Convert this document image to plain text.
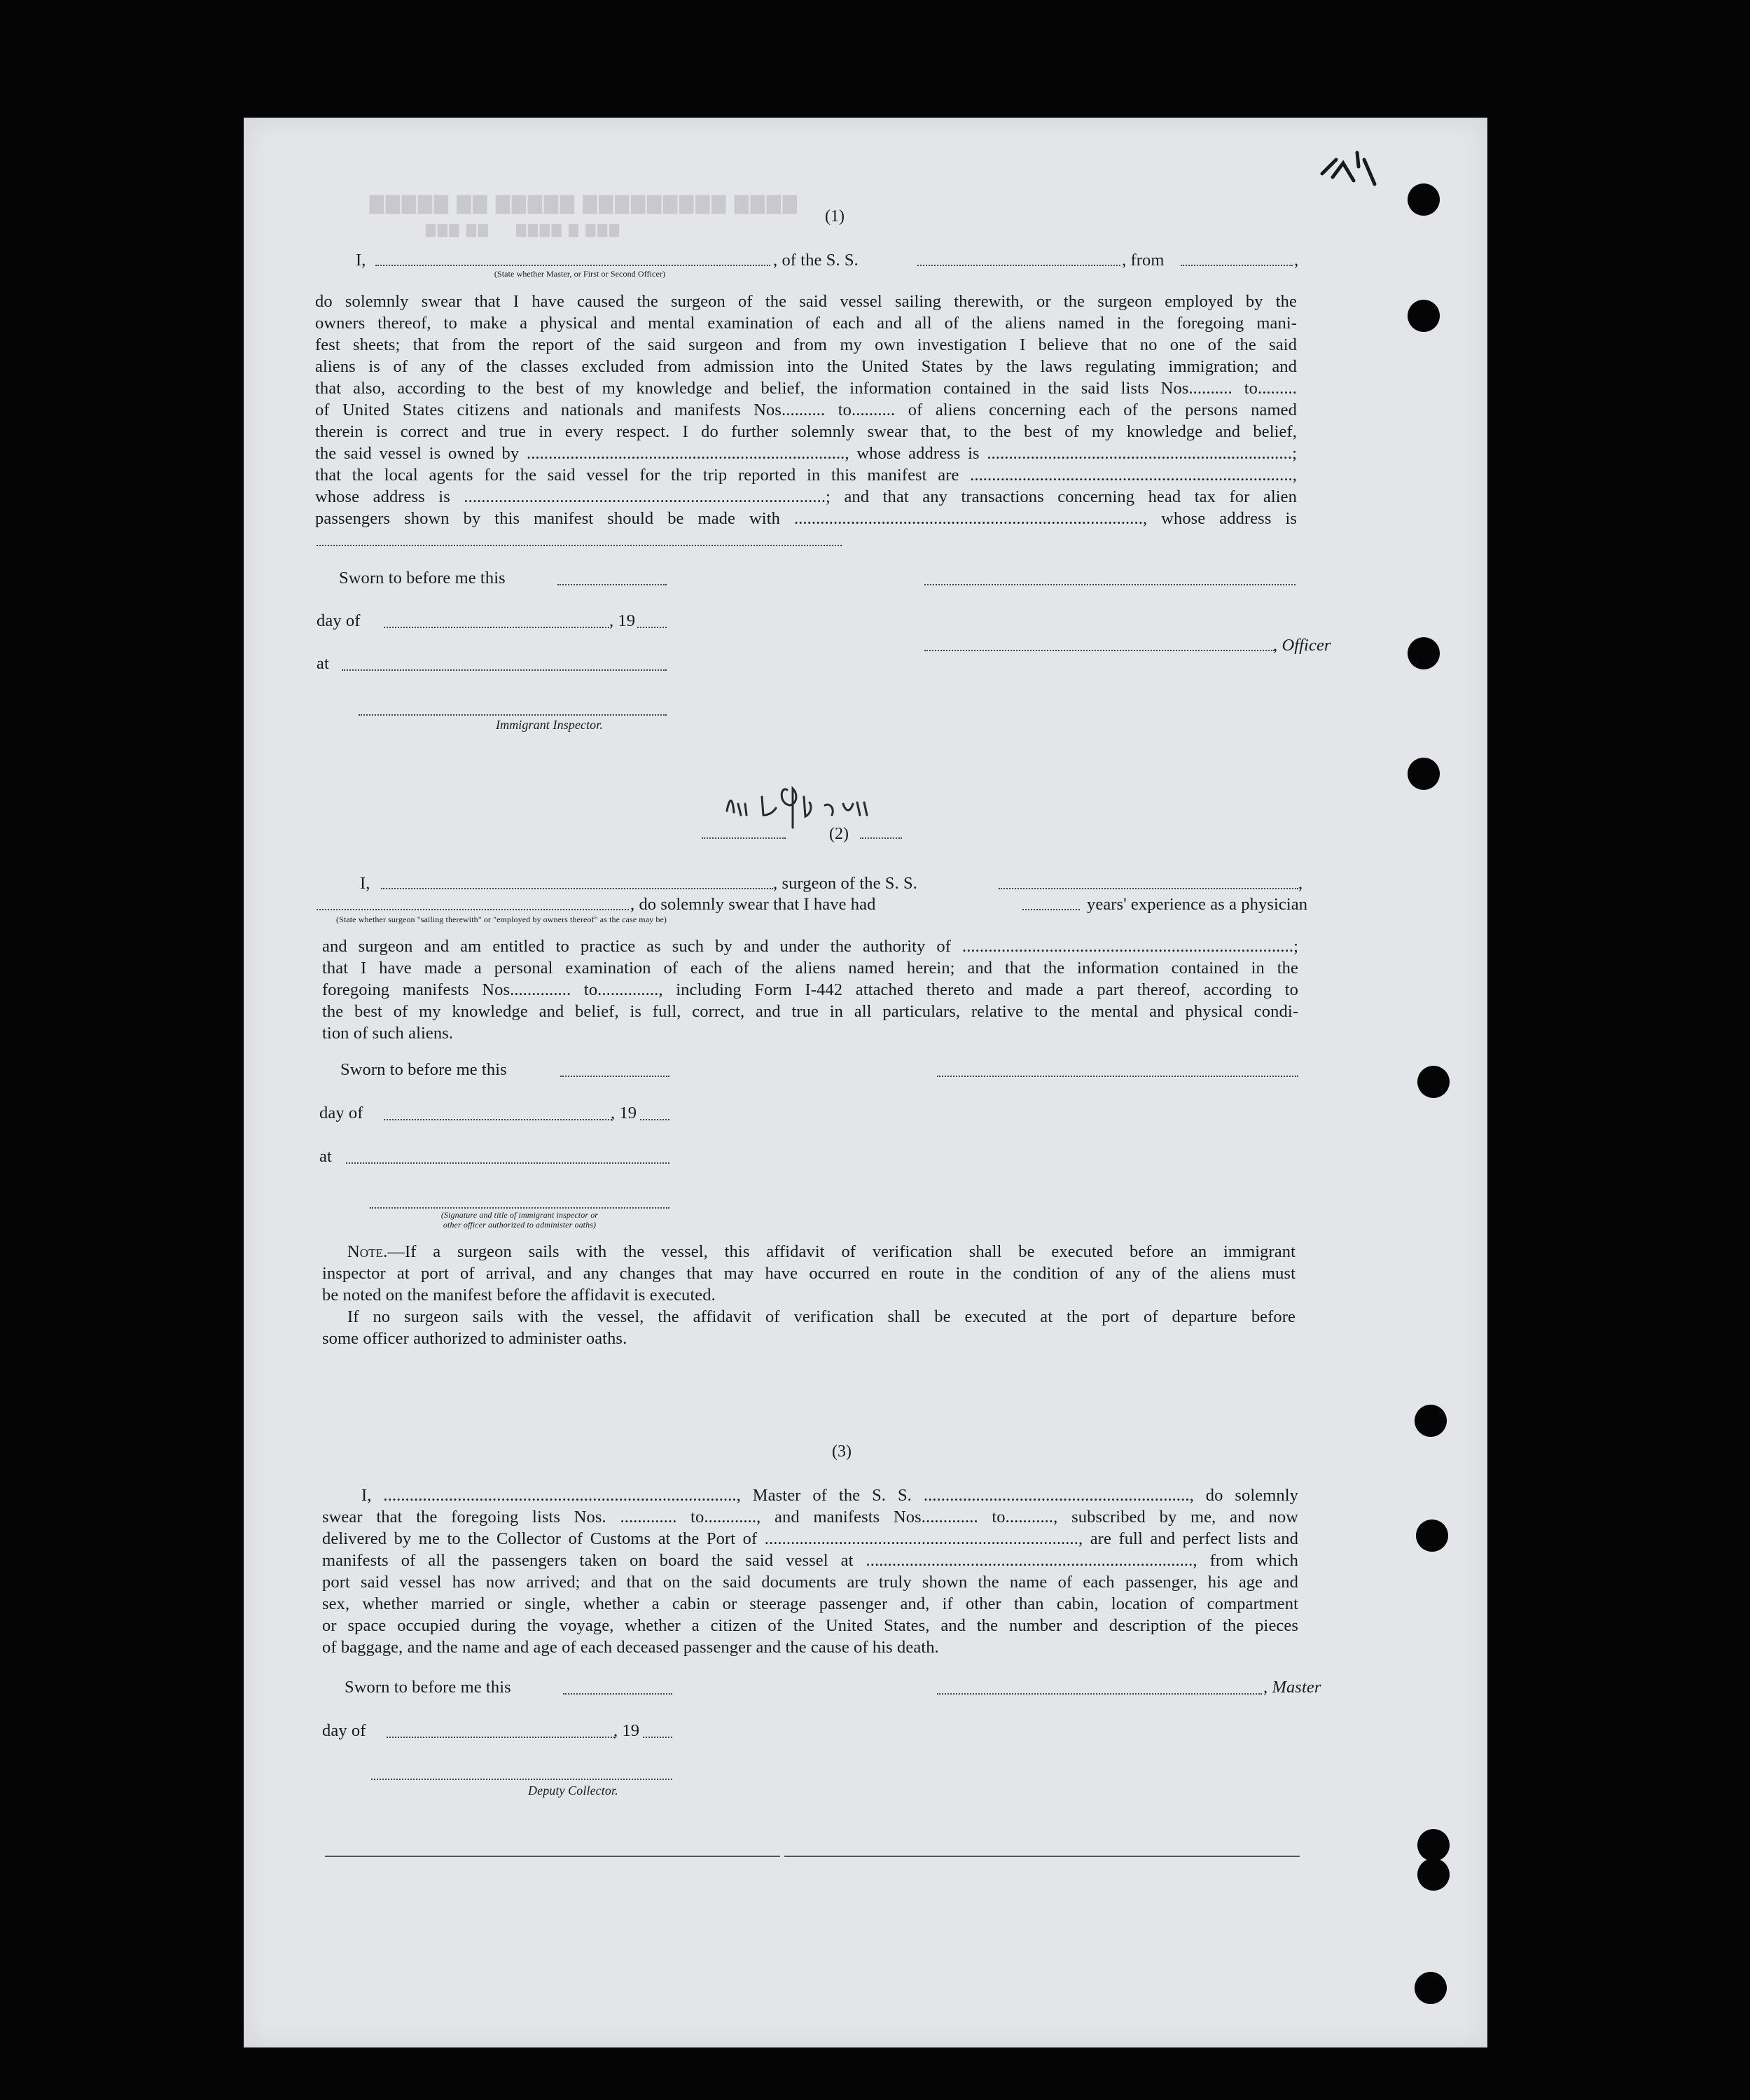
▇▇▇▇▇ ▇▇ ▇▇▇▇▇ ▇▇▇▇▇▇▇▇▇ ▇▇▇▇
▇▇▇ ▇▇     ▇▇▇▇ ▇ ▇▇▇
(1)
I,	, of the S. S.	, from	,
(State whether Master, or First or Second Officer)
do solemnly swear that I have caused the surgeon of the said vessel sailing therewith, or the surgeon employed by the
owners thereof, to make a physical and mental examination of each and all of the aliens named in the foregoing mani-
fest sheets; that from the report of the said surgeon and from my own investigation I believe that no one of the said
aliens is of any of the classes excluded from admission into the United States by the laws regulating immigration; and
that also, according to the best of my knowledge and belief, the information contained in the said lists Nos.......... to.........
of United States citizens and nationals and manifests Nos.......... to.......... of aliens concerning each of the persons named
therein is correct and true in every respect. I do further solemnly swear that, to the best of my knowledge and belief,
the said vessel is owned by ........................................................................., whose address is ......................................................................;
that the local agents for the said vessel for the trip reported in this manifest are ..........................................................................,
whose address is ...................................................................................; and that any transactions concerning head tax for alien
passengers shown by this manifest should be made with ................................................................................, whose address is
Sworn to before me this
day of	, 19
, Officer
at
Immigrant Inspector.
(2)
I,	, surgeon of the S. S.	,
, do solemnly swear that I have had	years' experience as a physician
(State whether surgeon "sailing therewith" or "employed by owners thereof" as the case may be)
and surgeon and am entitled to practice as such by and under the authority of ............................................................................;
that I have made a personal examination of each of the aliens named herein; and that the information contained in the
foregoing manifests Nos.............. to.............., including Form I-442 attached thereto and made a part thereof, according to
the best of my knowledge and belief, is full, correct, and true in all particulars, relative to the mental and physical condi-
tion of such aliens.
Sworn to before me this
day of	, 19
at
(Signature and title of immigrant inspector or
other officer authorized to administer oaths)
Note.—If a surgeon sails with the vessel, this affidavit of verification shall be executed before an immigrant
inspector at port of arrival, and any changes that may have occurred en route in the condition of any of the aliens must
be noted on the manifest before the affidavit is executed.
If no surgeon sails with the vessel, the affidavit of verification shall be executed at the port of departure before
some officer authorized to administer oaths.
(3)
I, ................................................................................., Master of the S. S. ............................................................., do solemnly
swear that the foregoing lists Nos. ............. to............, and manifests Nos............. to..........., subscribed by me, and now
delivered by me to the Collector of Customs at the Port of ........................................................................, are full and perfect lists and
manifests of all the passengers taken on board the said vessel at ..........................................................................., from which
port said vessel has now arrived; and that on the said documents are truly shown the name of each passenger, his age and
sex, whether married or single, whether a cabin or steerage passenger and, if other than cabin, location of compartment
or space occupied during the voyage, whether a citizen of the United States, and the number and description of the pieces
of baggage, and the name and age of each deceased passenger and the cause of his death.
Sworn to before me this	, Master
day of	, 19
Deputy Collector.
